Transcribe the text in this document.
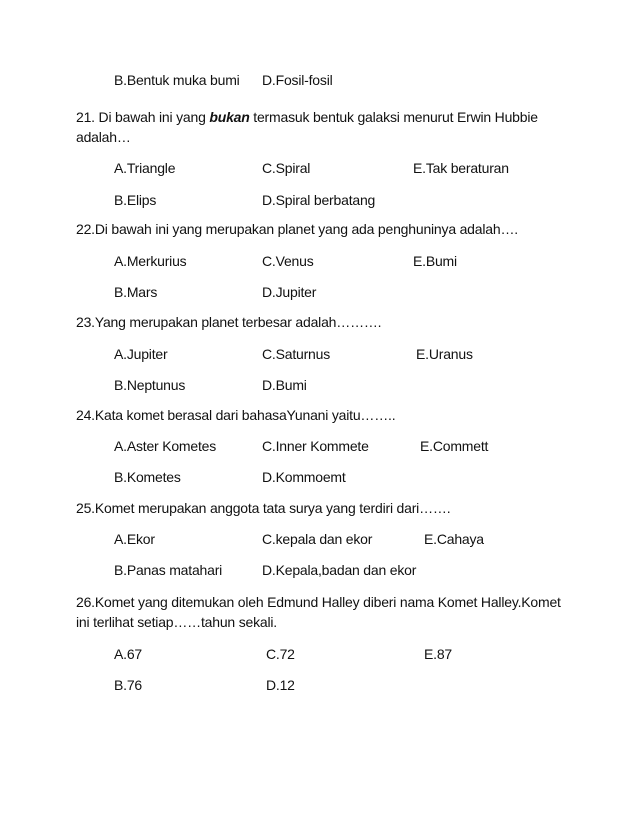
B.Bentuk muka bumi D.Fosil-fosil
21. Di bawah ini yang bukan termasuk bentuk galaksi menurut Erwin Hubbie
adalah…
A.Triangle	C.Spiral	E.Tak beraturan
B.Elips	D.Spiral berbatang
22.Di bawah ini yang merupakan planet yang ada penghuninya adalah….
A.Merkurius	C.Venus	E.Bumi
B.Mars	D.Jupiter
23.Yang merupakan planet terbesar adalah……….
A.Jupiter	C.Saturnus	E.Uranus
B.Neptunus	D.Bumi
24.Kata komet berasal dari bahasaYunani yaitu……..
A.Aster Kometes	C.Inner Kommete	E.Commett
B.Kometes	D.Kommoemt
25.Komet merupakan anggota tata surya yang terdiri dari…….
A.Ekor	C.kepala dan ekor	E.Cahaya
B.Panas matahari	D.Kepala,badan dan ekor
26.Komet yang ditemukan oleh Edmund Halley diberi nama Komet Halley.Komet
ini terlihat setiap……tahun sekali.
A.67	C.72	E.87
B.76	D.12
